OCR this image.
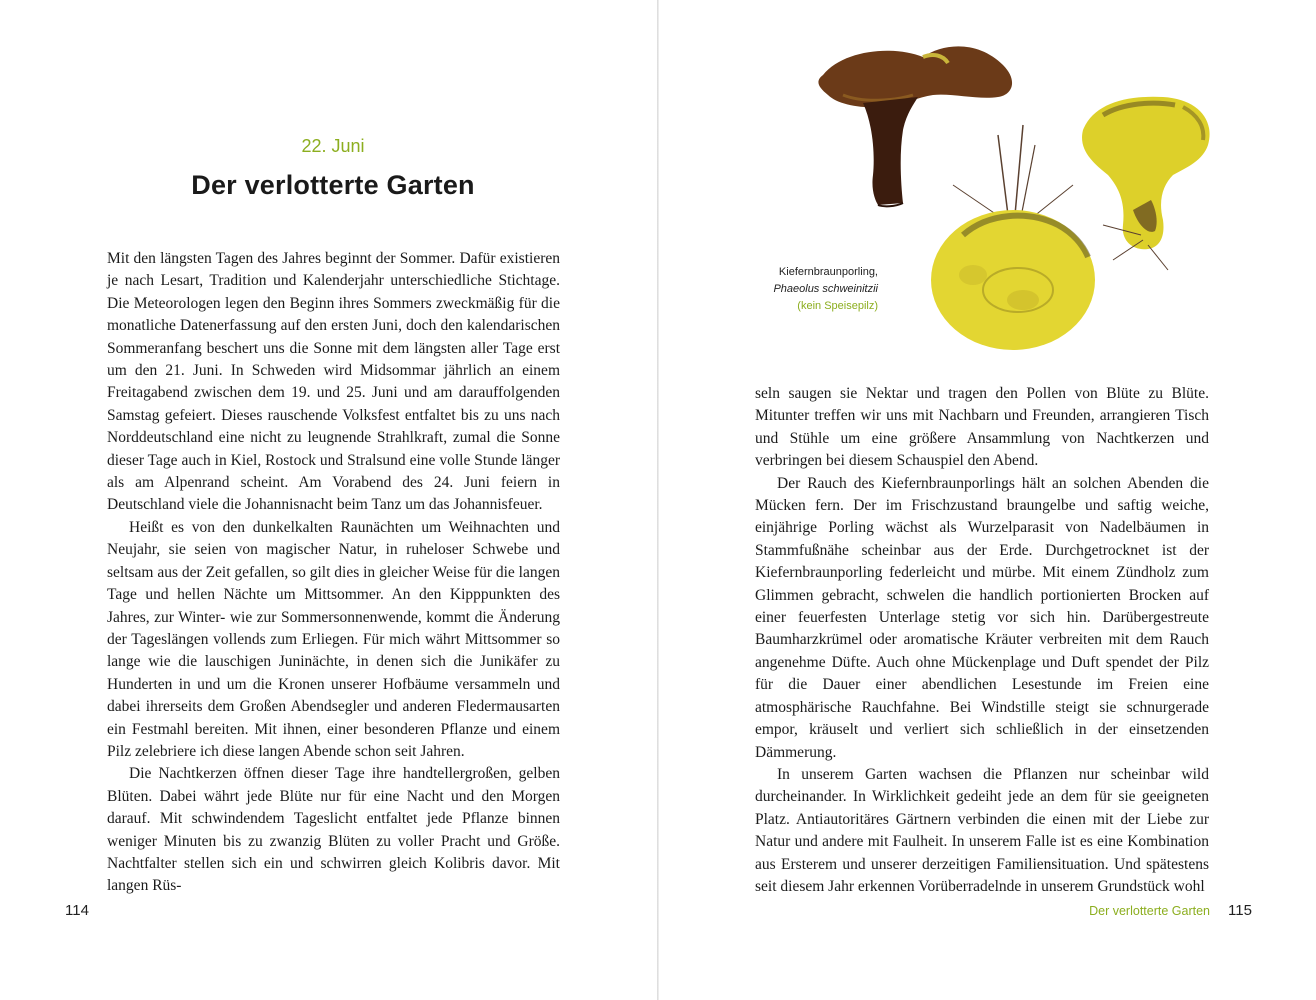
22. Juni
Der verlotterte Garten

Mit den längsten Tagen des Jahres beginnt der Sommer. Dafür existieren je nach Lesart, Tradition und Kalenderjahr unterschiedliche Stichtage. Die Meteorologen legen den Beginn ihres Sommers zweckmäßig für die monatliche Datenerfassung auf den ersten Juni, doch den kalendarischen Sommeranfang beschert uns die Sonne mit dem längsten aller Tage erst um den 21. Juni. In Schweden wird Midsommar jährlich an einem Freitagabend zwischen dem 19. und 25. Juni und am darauffolgenden Samstag gefeiert. Dieses rauschende Volksfest entfaltet bis zu uns nach Norddeutschland eine nicht zu leugnende Strahlkraft, zumal die Sonne dieser Tage auch in Kiel, Rostock und Stralsund eine volle Stunde länger als am Alpenrand scheint. Am Vorabend des 24. Juni feiern in Deutschland viele die Johannisnacht beim Tanz um das Johannisfeuer.

Heißt es von den dunkelkalten Raunächten um Weihnachten und Neujahr, sie seien von magischer Natur, in ruheloser Schwebe und seltsam aus der Zeit gefallen, so gilt dies in gleicher Weise für die langen Tage und hellen Nächte um Mittsommer. An den Kipppunkten des Jahres, zur Winter- wie zur Sommersonnenwende, kommt die Änderung der Tageslängen vollends zum Erliegen. Für mich währt Mittsommer so lange wie die lauschigen Juninächte, in denen sich die Junikäfer zu Hunderten in und um die Kronen unserer Hofbäume versammeln und dabei ihrerseits dem Großen Abendsegler und anderen Fledermausarten ein Festmahl bereiten. Mit ihnen, einer besonderen Pflanze und einem Pilz zelebriere ich diese langen Abende schon seit Jahren.

Die Nachtkerzen öffnen dieser Tage ihre handtellergroßen, gelben Blüten. Dabei währt jede Blüte nur für eine Nacht und den Morgen darauf. Mit schwindendem Tageslicht entfaltet jede Pflanze binnen weniger Minuten bis zu zwanzig Blüten zu voller Pracht und Größe. Nachtfalter stellen sich ein und schwirren gleich Kolibris davor. Mit langen Rüs-

114
Kiefernbraunporling,
Phaeolus schweinitzii
(kein Speisepilz)

seln saugen sie Nektar und tragen den Pollen von Blüte zu Blüte. Mitunter treffen wir uns mit Nachbarn und Freunden, arrangieren Tisch und Stühle um eine größere Ansammlung von Nachtkerzen und verbringen bei diesem Schauspiel den Abend.

Der Rauch des Kiefernbraunporlings hält an solchen Abenden die Mücken fern. Der im Frischzustand braungelbe und saftig weiche, einjährige Porling wächst als Wurzelparasit von Nadelbäumen in Stammfußnähe scheinbar aus der Erde. Durchgetrocknet ist der Kiefernbraunporling federleicht und mürbe. Mit einem Zündholz zum Glimmen gebracht, schwelen die handlich portionierten Brocken auf einer feuerfesten Unterlage stetig vor sich hin. Darübergestreute Baumharzkrümel oder aromatische Kräuter verbreiten mit dem Rauch angenehme Düfte. Auch ohne Mückenplage und Duft spendet der Pilz für die Dauer einer abendlichen Lesestunde im Freien eine atmosphärische Rauchfahne. Bei Windstille steigt sie schnurgerade empor, kräuselt und verliert sich schließlich in der einsetzenden Dämmerung.

In unserem Garten wachsen die Pflanzen nur scheinbar wild durcheinander. In Wirklichkeit gedeiht jede an dem für sie geeigneten Platz. Antiautoritäres Gärtnern verbinden die einen mit der Liebe zur Natur und andere mit Faulheit. In unserem Falle ist es eine Kombination aus Ersterem und unserer derzeitigen Familiensituation. Und spätestens seit diesem Jahr erkennen Vorüberradelnde in unserem Grundstück wohl

Der verlotterte Garten 115
